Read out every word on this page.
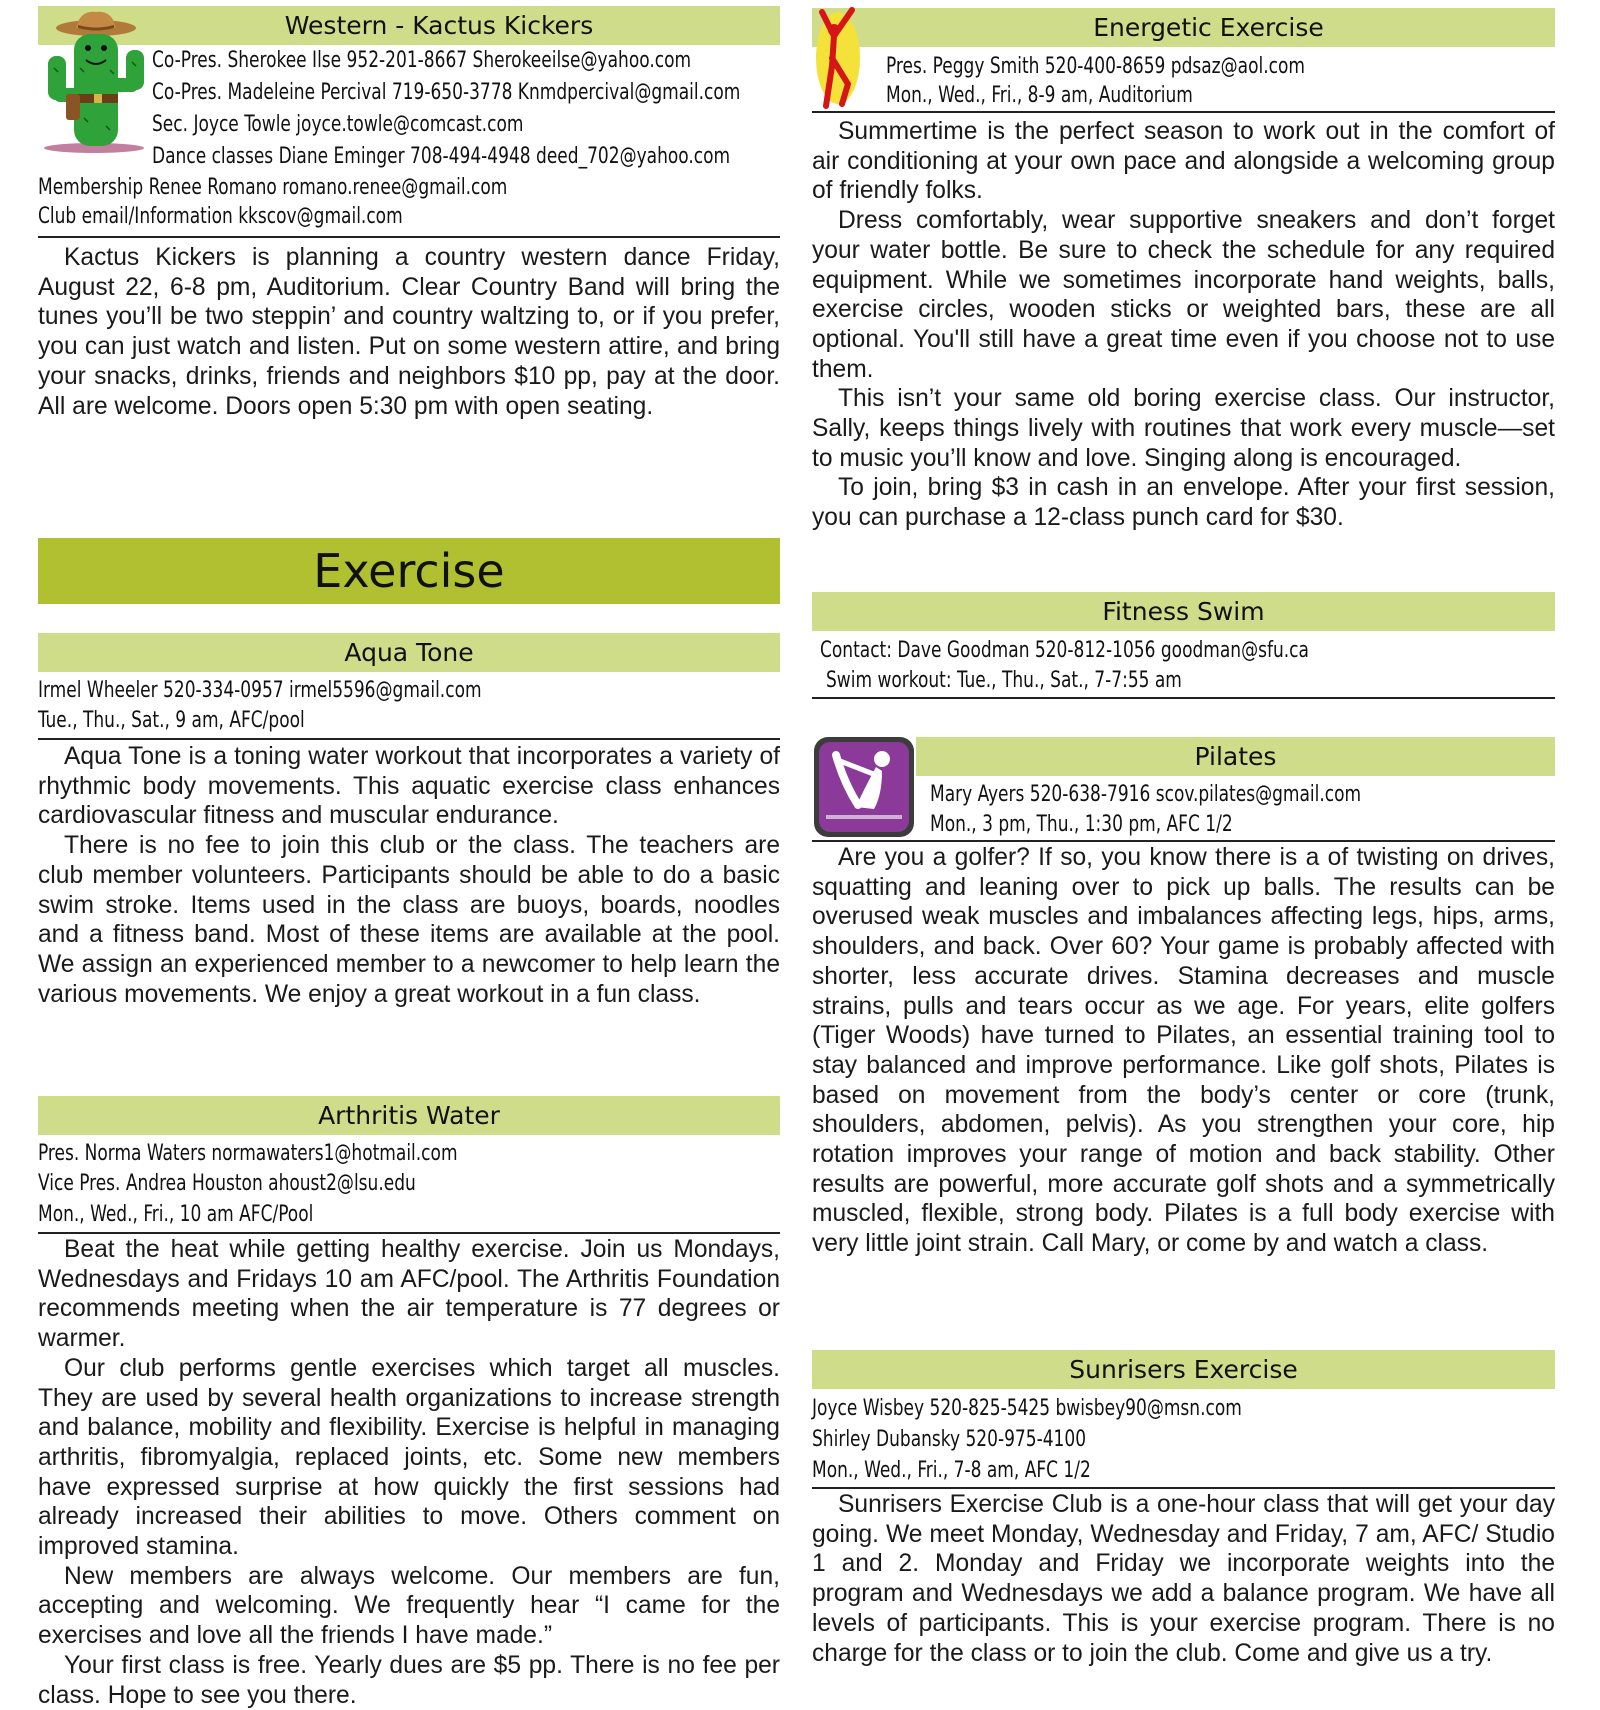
Western - Kactus Kickers
Co-Pres. Sherokee Ilse 952-201-8667 Sherokeeilse@yahoo.com
Co-Pres. Madeleine Percival 719-650-3778 Knmdpercival@gmail.com
Sec. Joyce Towle joyce.towle@comcast.com
Dance classes Diane Eminger 708-494-4948 deed_702@yahoo.com
Membership Renee Romano romano.renee@gmail.com
Club email/Information kkscov@gmail.com

Kactus Kickers is planning a country western dance Friday, August 22, 6-8 pm, Auditorium. Clear Country Band will bring the tunes you’ll be two steppin’ and country waltzing to, or if you prefer, you can just watch and listen. Put on some western attire, and bring your snacks, drinks, friends and neighbors $10 pp, pay at the door. All are welcome. Doors open 5:30 pm with open seating.

Exercise
Aqua Tone
Irmel Wheeler 520-334-0957 irmel5596@gmail.com
Tue., Thu., Sat., 9 am, AFC/pool

Aqua Tone is a toning water workout that incorporates a variety of rhythmic body movements. This aquatic exercise class enhances cardiovascular fitness and muscular endurance.

There is no fee to join this club or the class. The teachers are club member volunteers. Participants should be able to do a basic swim stroke. Items used in the class are buoys, boards, noodles and a fitness band. Most of these items are available at the pool. We assign an experienced member to a newcomer to help learn the various movements. We enjoy a great workout in a fun class.

Arthritis Water
Pres. Norma Waters normawaters1@hotmail.com
Vice Pres. Andrea Houston ahoust2@lsu.edu
Mon., Wed., Fri., 10 am AFC/Pool

Beat the heat while getting healthy exercise. Join us Mondays, Wednesdays and Fridays 10 am AFC/pool. The Arthritis Foundation recommends meeting when the air temperature is 77 degrees or warmer.

Our club performs gentle exercises which target all muscles. They are used by several health organizations to increase strength and balance, mobility and flexibility. Exercise is helpful in managing arthritis, fibromyalgia, replaced joints, etc. Some new members have expressed surprise at how quickly the first sessions had already increased their abilities to move. Others comment on improved stamina.

New members are always welcome. Our members are fun, accepting and welcoming. We frequently hear “I came for the exercises and love all the friends I have made.”

Your first class is free. Yearly dues are $5 pp. There is no fee per class. Hope to see you there.

Energetic Exercise
Pres. Peggy Smith 520-400-8659 pdsaz@aol.com
Mon., Wed., Fri., 8-9 am, Auditorium

Summertime is the perfect season to work out in the comfort of air conditioning at your own pace and alongside a welcoming group of friendly folks.

Dress comfortably, wear supportive sneakers and don’t forget your water bottle. Be sure to check the schedule for any required equipment. While we sometimes incorporate hand weights, balls, exercise circles, wooden sticks or weighted bars, these are all optional. You'll still have a great time even if you choose not to use them.

This isn’t your same old boring exercise class. Our instructor, Sally, keeps things lively with routines that work every muscle—set to music you’ll know and love. Singing along is encouraged.

To join, bring $3 in cash in an envelope. After your first session, you can purchase a 12-class punch card for $30.

Fitness Swim
Contact: Dave Goodman 520-812-1056 goodman@sfu.ca
Swim workout: Tue., Thu., Sat., 7-7:55 am
Pilates
Mary Ayers 520-638-7916 scov.pilates@gmail.com
Mon., 3 pm, Thu., 1:30 pm, AFC 1/2

Are you a golfer? If so, you know there is a of twisting on drives, squatting and leaning over to pick up balls. The results can be overused weak muscles and imbalances affecting legs, hips, arms, shoulders, and back. Over 60? Your game is probably affected with shorter, less accurate drives. Stamina decreases and muscle strains, pulls and tears occur as we age. For years, elite golfers (Tiger Woods) have turned to Pilates, an essential training tool to stay balanced and improve performance. Like golf shots, Pilates is based on movement from the body’s center or core (trunk, shoulders, abdomen, pelvis). As you strengthen your core, hip rotation improves your range of motion and back stability. Other results are powerful, more accurate golf shots and a symmetrically muscled, flexible, strong body. Pilates is a full body exercise with very little joint strain. Call Mary, or come by and watch a class.

Sunrisers Exercise
Joyce Wisbey 520-825-5425 bwisbey90@msn.com
Shirley Dubansky 520-975-4100
Mon., Wed., Fri., 7-8 am, AFC 1/2

Sunrisers Exercise Club is a one-hour class that will get your day going. We meet Monday, Wednesday and Friday, 7 am, AFC/ Studio 1 and 2. Monday and Friday we incorporate weights into the program and Wednesdays we add a balance program. We have all levels of participants. This is your exercise program. There is no charge for the class or to join the club. Come and give us a try.
